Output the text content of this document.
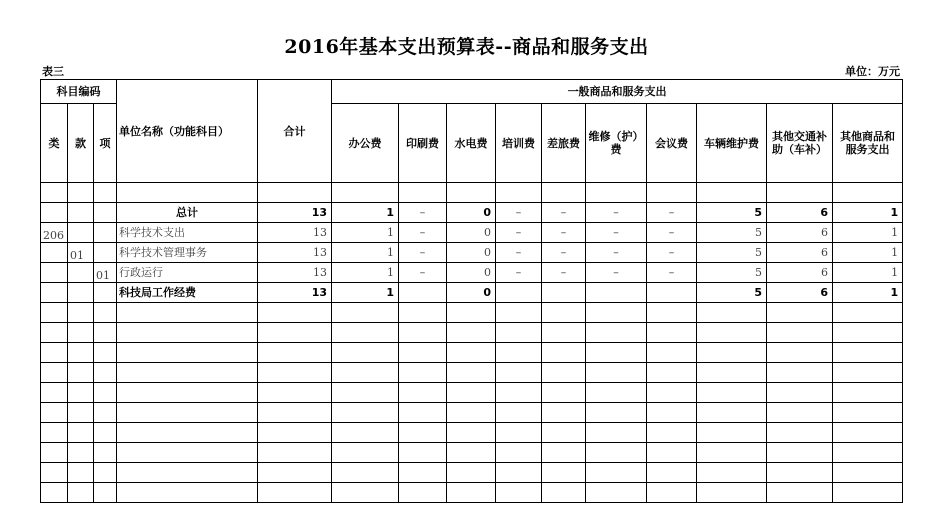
2016年基本支出预算表--商品和服务支出
表三	单位：万元
科目编码			单位名称（功能科目）	合计	一般商品和服务支出									
类	款	项			办公费	印刷费	水电费	培训费	差旅费	维修（护）费	会议费	车辆维护费	其他交通补助（车补）	其他商品和服务支出

			总计	13	1	–	0	–	–	–	–	5	6	1
206			科学技术支出	13	1	–	0	–	–	–	–	5	6	1
	01		科学技术管理事务	13	1	–	0	–	–	–	–	5	6	1
		01	行政运行	13	1	–	0	–	–	–	–	5	6	1
			科技局工作经费	13	1		0					5	6	1
